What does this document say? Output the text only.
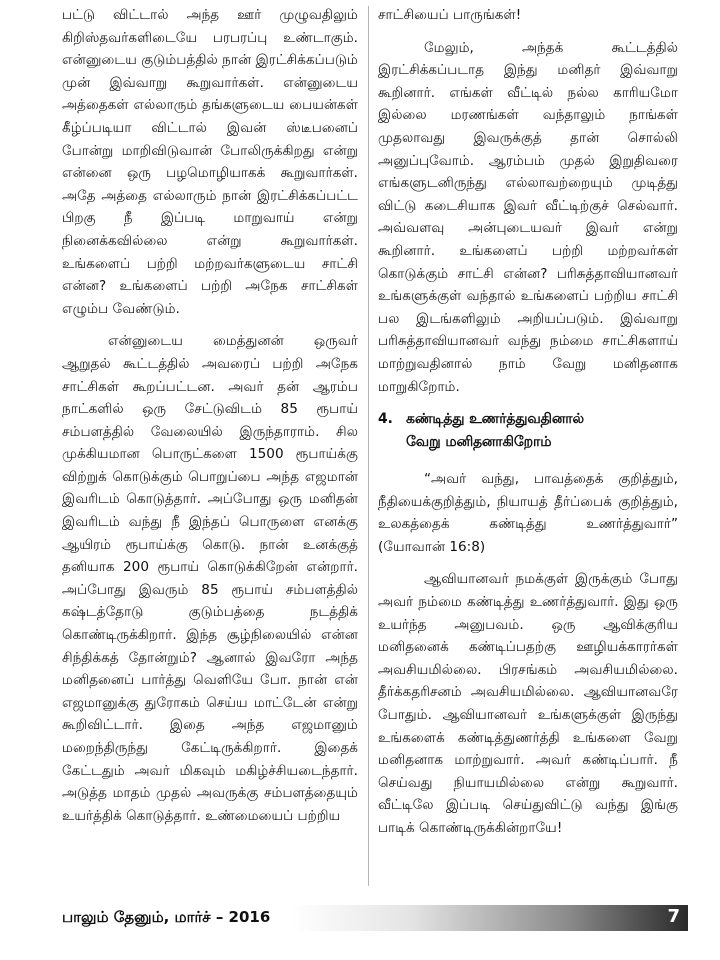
பட்டு விட்டால் அந்த ஊர் முழுவதிலும் கிறிஸ்தவர்களிடையே பரபரப்பு உண்டாகும். என்னுடைய குடும்பத்தில் நான் இரட்சிக்கப்படும் முன் இவ்வாறு கூறுவார்கள். என்னுடைய அத்தைகள் எல்லாரும் தங்களுடைய பையன்கள் கீழ்ப்படியா விட்டால் இவன் ஸ்டீபனைப் போன்று மாறிவிடுவான் போலிருக்கிறது என்று என்னை ஒரு பழமொழியாகக் கூறுவார்கள். அதே அத்தை எல்லாரும் நான் இரட்சிக்கப்பட்ட பிறகு நீ இப்படி மாறுவாய் என்று நினைக்கவில்லை என்று கூறுவார்கள். உங்களைப் பற்றி மற்றவர்களுடைய சாட்சி என்ன? உங்களைப் பற்றி அநேக சாட்சிகள் எழும்ப வேண்டும்.

என்னுடைய மைத்துனன் ஒருவர் ஆறுதல் கூட்டத்தில் அவரைப் பற்றி அநேக சாட்சிகள் கூறப்பட்டன. அவர் தன் ஆரம்ப நாட்களில் ஒரு சேட்டுவிடம் 85 ரூபாய் சம்பளத்தில் வேலையில் இருந்தாராம். சில முக்கியமான பொருட்களை 1500 ரூபாய்க்கு விற்றுக் கொடுக்கும் பொறுப்பை அந்த எஜமான் இவரிடம் கொடுத்தார். அப்போது ஒரு மனிதன் இவரிடம் வந்து நீ இந்தப் பொருளை எனக்கு ஆயிரம் ரூபாய்க்கு கொடு. நான் உனக்குத் தனியாக 200 ரூபாய் கொடுக்கிறேன் என்றார். அப்போது இவரும் 85 ரூபாய் சம்பளத்தில் கஷ்டத்தோடு குடும்பத்தை நடத்திக் கொண்டிருக்கிறார். இந்த சூழ்நிலையில் என்ன சிந்திக்கத் தோன்றும்? ஆனால் இவரோ அந்த மனிதனைப் பார்த்து வெளியே போ. நான் என் எஜமானுக்கு துரோகம் செய்ய மாட்டேன் என்று கூறிவிட்டார். இதை அந்த எஜமானும் மறைந்திருந்து கேட்டிருக்கிறார். இதைக் கேட்டதும் அவர் மிகவும் மகிழ்ச்சியடைந்தார். அடுத்த மாதம் முதல் அவருக்கு சம்பளத்தையும் உயர்த்திக் கொடுத்தார். உண்மையைப் பற்றிய

சாட்சியைப் பாருங்கள்!

மேலும், அந்தக் கூட்டத்தில் இரட்சிக்கப்படாத இந்து மனிதர் இவ்வாறு கூறினார். எங்கள் வீட்டில் நல்ல காரியமோ இல்லை மரணங்கள் வந்தாலும் நாங்கள் முதலாவது இவருக்குத் தான் சொல்லி அனுப்புவோம். ஆரம்பம் முதல் இறுதிவரை எங்களுடனிருந்து எல்லாவற்றையும் முடித்து விட்டு கடைசியாக இவர் வீட்டிற்குச் செல்வார். அவ்வளவு அன்புடையவர் இவர் என்று கூறினார். உங்களைப் பற்றி மற்றவர்கள் கொடுக்கும் சாட்சி என்ன? பரிசுத்தாவியானவர் உங்களுக்குள் வந்தால் உங்களைப் பற்றிய சாட்சி பல இடங்களிலும் அறியப்படும். இவ்வாறு பரிசுத்தாவியானவர் வந்து நம்மை சாட்சிகளாய் மாற்றுவதினால் நாம் வேறு மனிதனாக மாறுகிறோம்.

4. கண்டித்து உணர்த்துவதினால்
வேறு மனிதனாகிறோம்

“அவர் வந்து, பாவத்தைக் குறித்தும், நீதியைக்குறித்தும், நியாயத் தீர்ப்பைக் குறித்தும், உலகத்தைக் கண்டித்து உணர்த்துவார்” (யோவான் 16:8)

ஆவியானவர் நமக்குள் இருக்கும் போது அவர் நம்மை கண்டித்து உணர்த்துவார். இது ஒரு உயர்ந்த அனுபவம். ஒரு ஆவிக்குரிய மனிதனைக் கண்டிப்பதற்கு ஊழியக்காரர்கள் அவசியமில்லை. பிரசங்கம் அவசியமில்லை. தீர்க்கதரிசனம் அவசியமில்லை. ஆவியானவரே போதும். ஆவியானவர் உங்களுக்குள் இருந்து உங்களைக் கண்டித்துணர்த்தி உங்களை வேறு மனிதனாக மாற்றுவார். அவர் கண்டிப்பார். நீ செய்வது நியாயமில்லை என்று கூறுவார். வீட்டிலே இப்படி செய்துவிட்டு வந்து இங்கு பாடிக் கொண்டிருக்கின்றாயே!

பாலும் தேனும், மார்ச் – 2016	7
